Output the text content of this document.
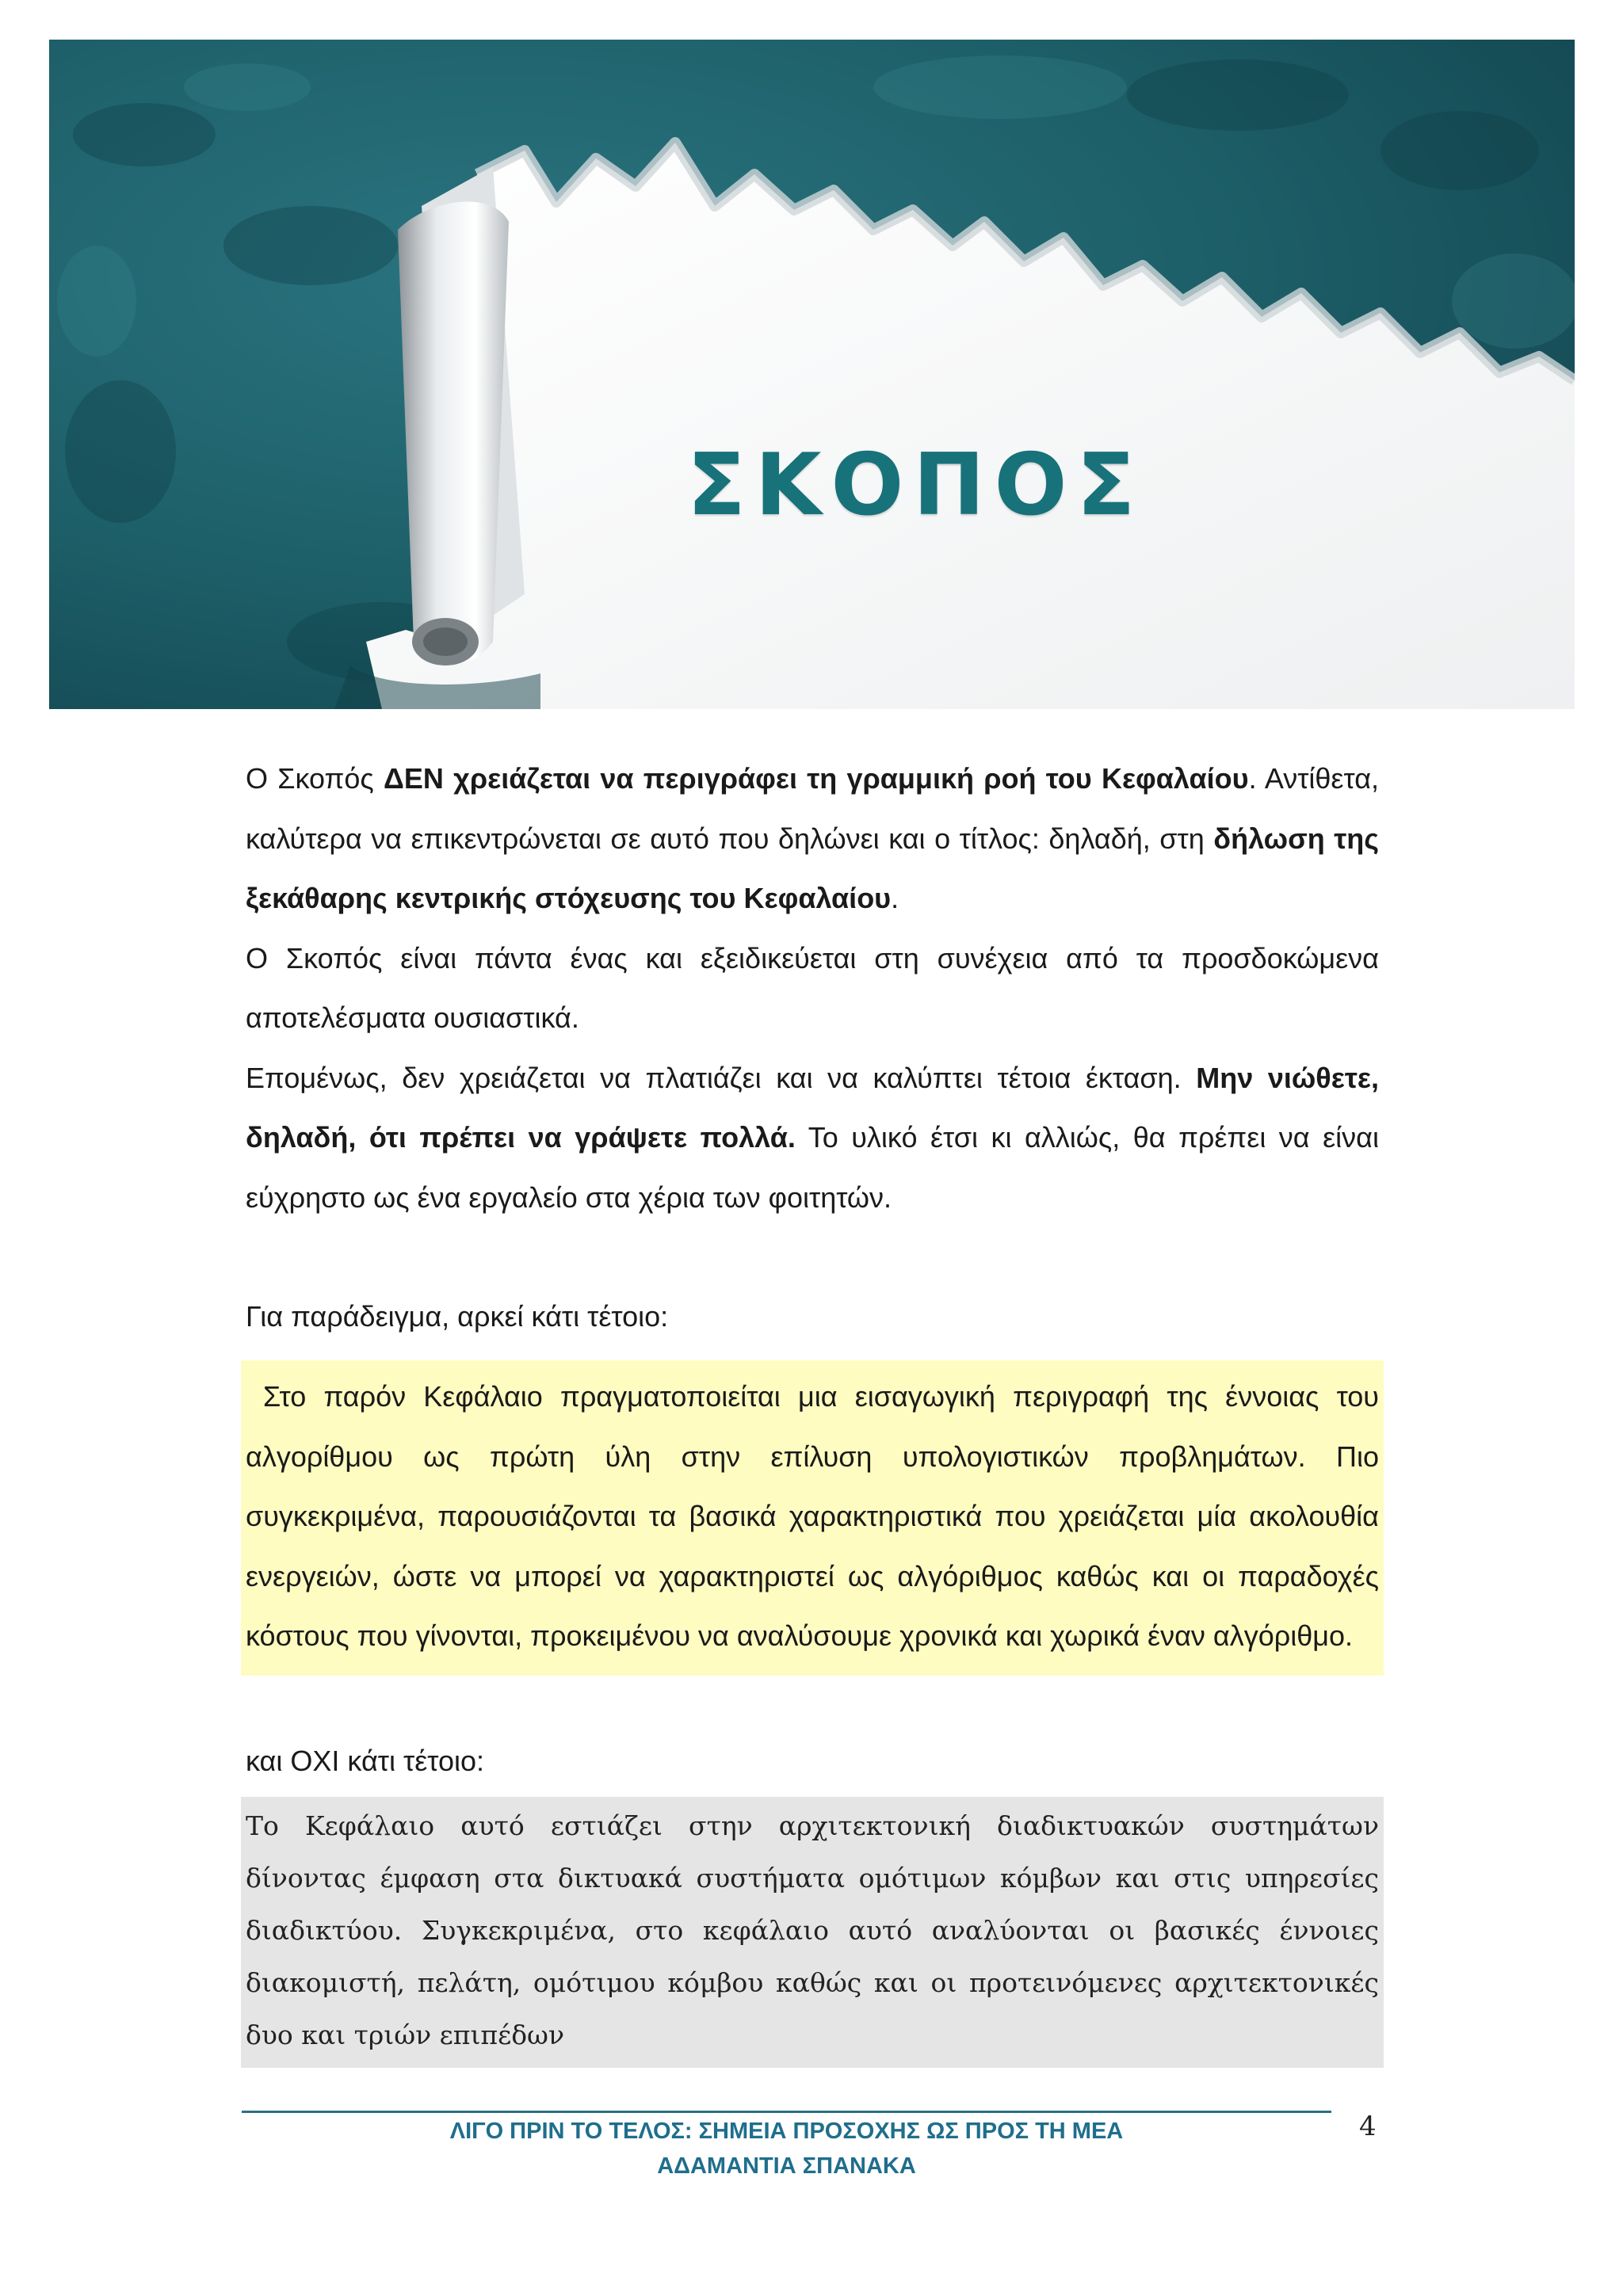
ΣΚΟΠΟΣ

Ο Σκοπός ΔΕΝ χρειάζεται να περιγράφει τη γραμμική ροή του Κεφαλαίου. Αντίθετα, καλύτερα να επικεντρώνεται σε αυτό που δηλώνει και ο τίτλος: δηλαδή, στη δήλωση της ξεκάθαρης κεντρικής στόχευσης του Κεφαλαίου.

Ο Σκοπός είναι πάντα ένας και εξειδικεύεται στη συνέχεια από τα προσδοκώμενα αποτελέσματα ουσιαστικά.

Επομένως, δεν χρειάζεται να πλατιάζει και να καλύπτει τέτοια έκταση. Μην νιώθετε, δηλαδή, ότι πρέπει να γράψετε πολλά. Το υλικό έτσι κι αλλιώς, θα πρέπει να είναι εύχρηστο ως ένα εργαλείο στα χέρια των φοιτητών.

Για παράδειγμα, αρκεί κάτι τέτοιο:

Στο παρόν Κεφάλαιο πραγματοποιείται μια εισαγωγική περιγραφή της έννοιας του αλγορίθμου ως πρώτη ύλη στην επίλυση υπολογιστικών προβλημάτων. Πιο συγκεκριμένα, παρουσιάζονται τα βασικά χαρακτηριστικά που χρειάζεται μία ακολουθία ενεργειών, ώστε να μπορεί να χαρακτηριστεί ως αλγόριθμος καθώς και οι παραδοχές κόστους που γίνονται, προκειμένου να αναλύσουμε χρονικά και χωρικά έναν αλγόριθμο.

και ΟΧΙ κάτι τέτοιο:

Το Κεφάλαιο αυτό εστιάζει στην αρχιτεκτονική διαδικτυακών συστημάτων δίνοντας έμφαση στα δικτυακά συστήματα ομότιμων κόμβων και στις υπηρεσίες διαδικτύου. Συγκεκριμένα, στο κεφάλαιο αυτό αναλύονται οι βασικές έννοιες διακομιστή, πελάτη, ομότιμου κόμβου καθώς και οι προτεινόμενες αρχιτεκτονικές δυο και τριών επιπέδων

ΛΙΓΟ ΠΡΙΝ ΤΟ ΤΕΛΟΣ: ΣΗΜΕΙΑ ΠΡΟΣΟΧΗΣ ΩΣ ΠΡΟΣ ΤΗ ΜΕΑ
ΑΔΑΜΑΝΤΙΑ ΣΠΑΝΑΚΑ
4
